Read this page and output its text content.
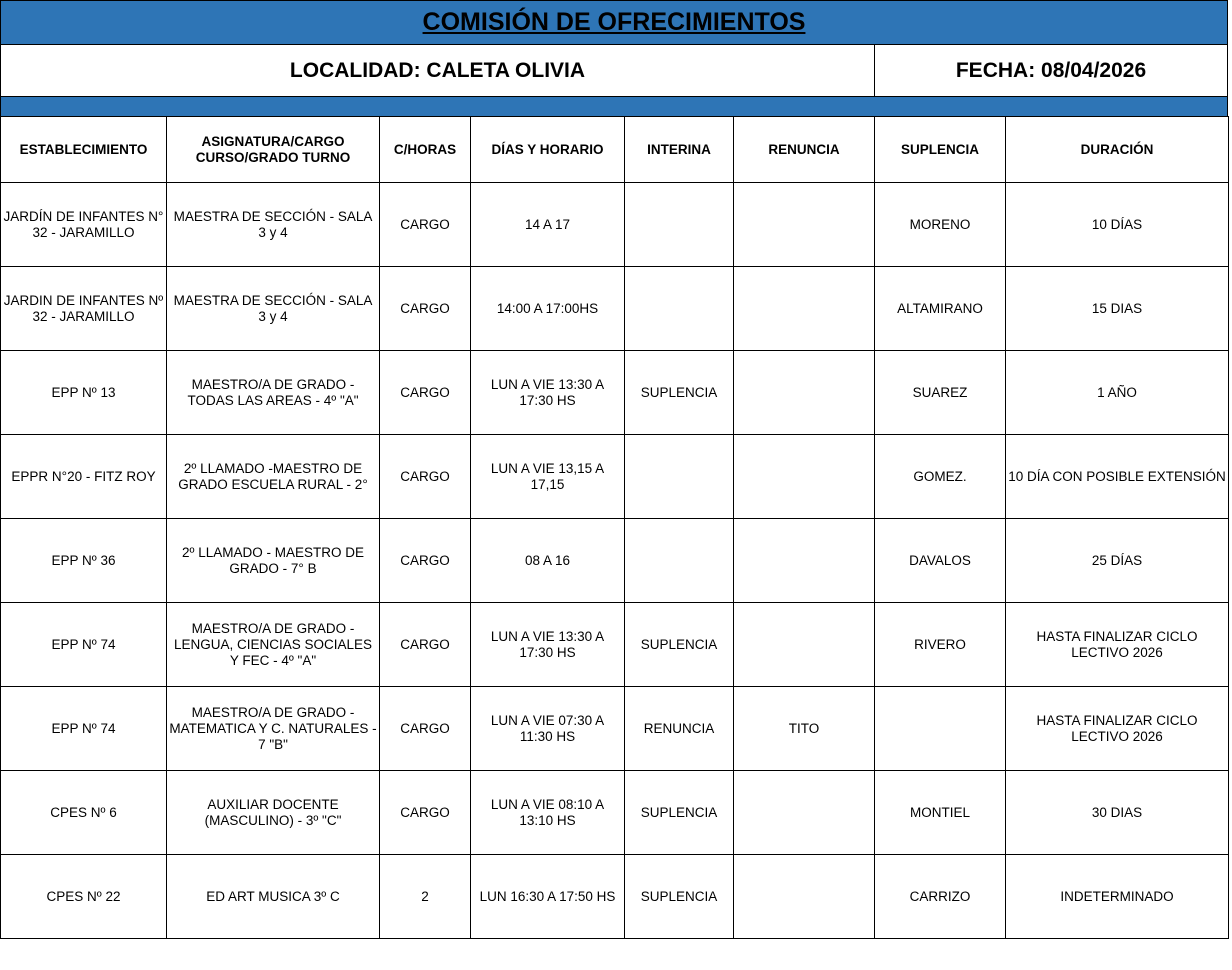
COMISIÓN DE OFRECIMIENTOS
LOCALIDAD: CALETA OLIVIA	FECHA: 08/04/2026
ESTABLECIMIENTO	ASIGNATURA/CARGO CURSO/GRADO TURNO	C/HORAS	DÍAS Y HORARIO	INTERINA	RENUNCIA	SUPLENCIA	DURACIÓN
JARDÍN DE INFANTES N° 32 - JARAMILLO	MAESTRA DE SECCIÓN - SALA 3 y 4	CARGO	14 A 17			MORENO	10 DÍAS
JARDIN DE INFANTES Nº 32 - JARAMILLO	MAESTRA DE SECCIÓN - SALA 3 y 4	CARGO	14:00 A 17:00HS			ALTAMIRANO	15 DIAS
EPP Nº 13	MAESTRO/A DE GRADO - TODAS LAS AREAS - 4º "A"	CARGO	LUN A VIE 13:30 A 17:30 HS	SUPLENCIA		SUAREZ	1 AÑO
EPPR N°20 - FITZ ROY	2º LLAMADO -MAESTRO DE GRADO ESCUELA RURAL - 2°	CARGO	LUN A VIE 13,15 A 17,15			GOMEZ.	10 DÍA CON POSIBLE EXTENSIÓN
EPP Nº 36	2º LLAMADO - MAESTRO DE GRADO - 7° B	CARGO	08 A 16			DAVALOS	25 DÍAS
EPP Nº 74	MAESTRO/A DE GRADO - LENGUA, CIENCIAS SOCIALES Y FEC - 4º "A"	CARGO	LUN A VIE 13:30 A 17:30 HS	SUPLENCIA		RIVERO	HASTA FINALIZAR CICLO LECTIVO 2026
EPP Nº 74	MAESTRO/A DE GRADO - MATEMATICA Y C. NATURALES - 7 "B"	CARGO	LUN A VIE 07:30 A 11:30 HS	RENUNCIA	TITO		HASTA FINALIZAR CICLO LECTIVO 2026
CPES Nº 6	AUXILIAR DOCENTE (MASCULINO) - 3º "C"	CARGO	LUN A VIE 08:10 A 13:10 HS	SUPLENCIA		MONTIEL	30 DIAS
CPES Nº 22	ED ART MUSICA 3º C	2	LUN 16:30 A 17:50 HS	SUPLENCIA		CARRIZO	INDETERMINADO
